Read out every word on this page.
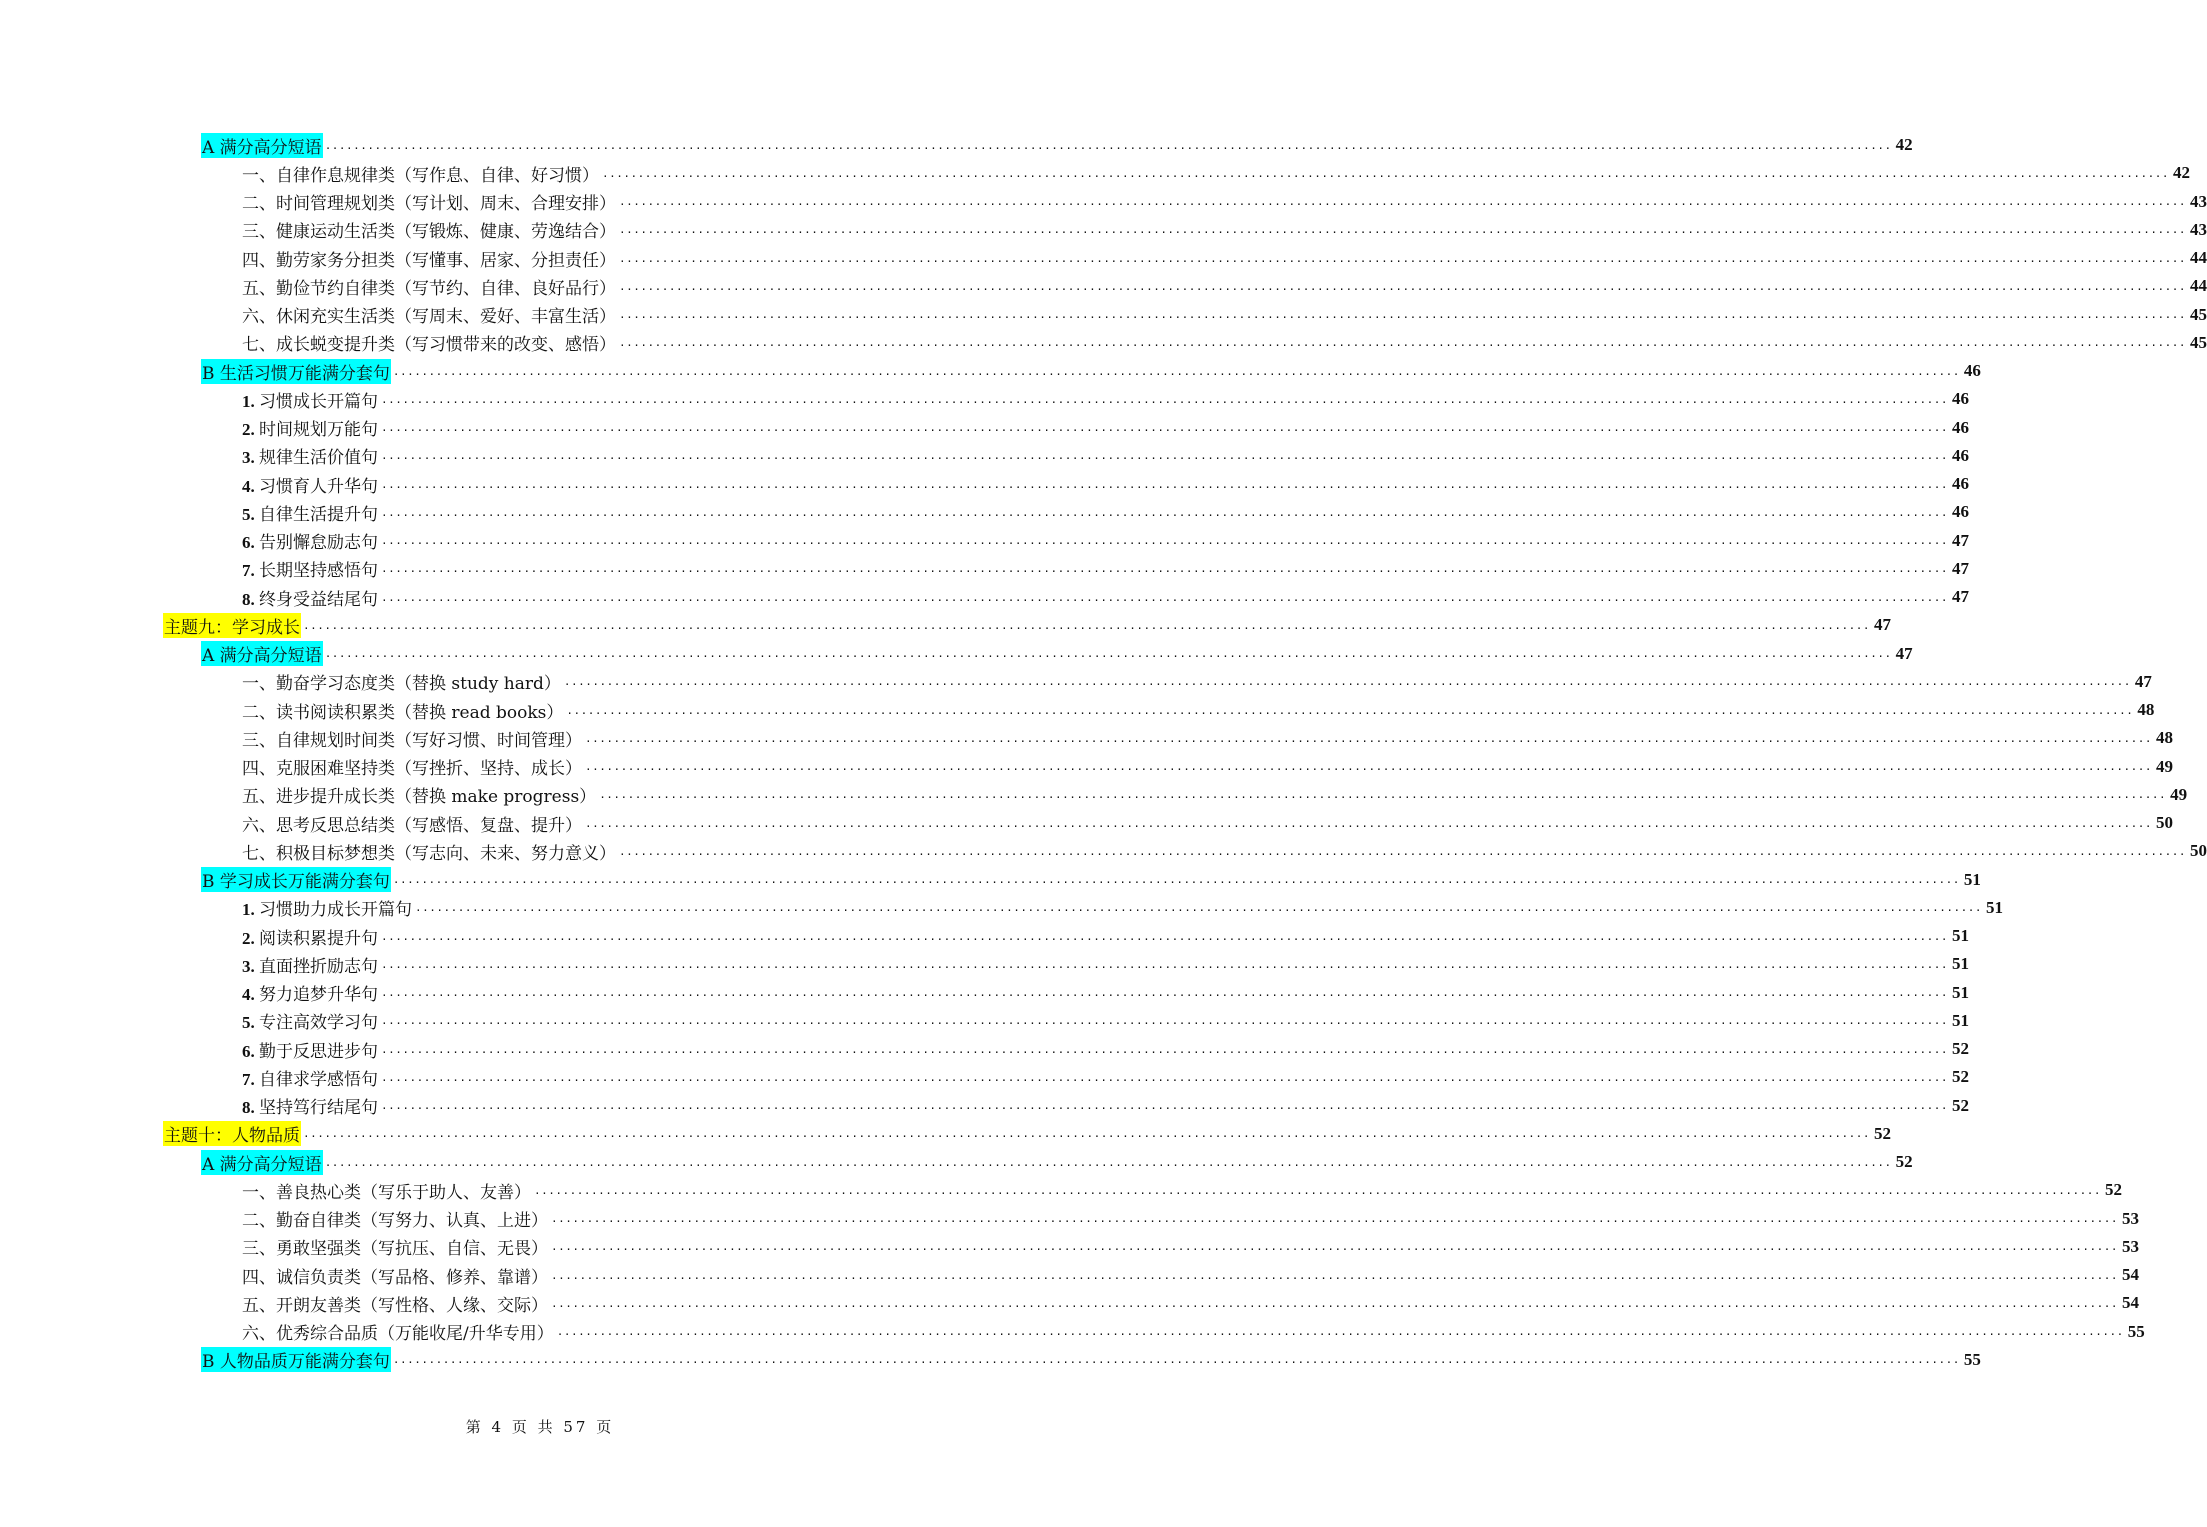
A 满分高分短语 ............................................................................................................................................................................................................................ 42
一、自律作息规律类（写作息、自律、好习惯） ............................................................................................................................................................................................................................ 42
二、时间管理规划类（写计划、周末、合理安排） ............................................................................................................................................................................................................................ 43
三、健康运动生活类（写锻炼、健康、劳逸结合） ............................................................................................................................................................................................................................ 43
四、勤劳家务分担类（写懂事、居家、分担责任） ............................................................................................................................................................................................................................ 44
五、勤俭节约自律类（写节约、自律、良好品行） ............................................................................................................................................................................................................................ 44
六、休闲充实生活类（写周末、爱好、丰富生活） ............................................................................................................................................................................................................................ 45
七、成长蜕变提升类（写习惯带来的改变、感悟） ............................................................................................................................................................................................................................ 45
B 生活习惯万能满分套句 ............................................................................................................................................................................................................................ 46
1. 习惯成长开篇句 ............................................................................................................................................................................................................................ 46
2. 时间规划万能句 ............................................................................................................................................................................................................................ 46
3. 规律生活价值句 ............................................................................................................................................................................................................................ 46
4. 习惯育人升华句 ............................................................................................................................................................................................................................ 46
5. 自律生活提升句 ............................................................................................................................................................................................................................ 46
6. 告别懈怠励志句 ............................................................................................................................................................................................................................ 47
7. 长期坚持感悟句 ............................................................................................................................................................................................................................ 47
8. 终身受益结尾句 ............................................................................................................................................................................................................................ 47
主题九：学习成长 ............................................................................................................................................................................................................................ 47
A 满分高分短语 ............................................................................................................................................................................................................................ 47
一、勤奋学习态度类（替换 study hard） ............................................................................................................................................................................................................................ 47
二、读书阅读积累类（替换 read books） ............................................................................................................................................................................................................................ 48
三、自律规划时间类（写好习惯、时间管理） ............................................................................................................................................................................................................................ 48
四、克服困难坚持类（写挫折、坚持、成长） ............................................................................................................................................................................................................................ 49
五、进步提升成长类（替换 make progress） ............................................................................................................................................................................................................................ 49
六、思考反思总结类（写感悟、复盘、提升） ............................................................................................................................................................................................................................ 50
七、积极目标梦想类（写志向、未来、努力意义） ............................................................................................................................................................................................................................ 50
B 学习成长万能满分套句 ............................................................................................................................................................................................................................ 51
1. 习惯助力成长开篇句 ............................................................................................................................................................................................................................ 51
2. 阅读积累提升句 ............................................................................................................................................................................................................................ 51
3. 直面挫折励志句 ............................................................................................................................................................................................................................ 51
4. 努力追梦升华句 ............................................................................................................................................................................................................................ 51
5. 专注高效学习句 ............................................................................................................................................................................................................................ 51
6. 勤于反思进步句 ............................................................................................................................................................................................................................ 52
7. 自律求学感悟句 ............................................................................................................................................................................................................................ 52
8. 坚持笃行结尾句 ............................................................................................................................................................................................................................ 52
主题十：人物品质 ............................................................................................................................................................................................................................ 52
A 满分高分短语 ............................................................................................................................................................................................................................ 52
一、善良热心类（写乐于助人、友善） ............................................................................................................................................................................................................................ 52
二、勤奋自律类（写努力、认真、上进） ............................................................................................................................................................................................................................ 53
三、勇敢坚强类（写抗压、自信、无畏） ............................................................................................................................................................................................................................ 53
四、诚信负责类（写品格、修养、靠谱） ............................................................................................................................................................................................................................ 54
五、开朗友善类（写性格、人缘、交际） ............................................................................................................................................................................................................................ 54
六、优秀综合品质（万能收尾/升华专用） ............................................................................................................................................................................................................................ 55
B 人物品质万能满分套句 ............................................................................................................................................................................................................................ 55
第 4 页 共 57 页
